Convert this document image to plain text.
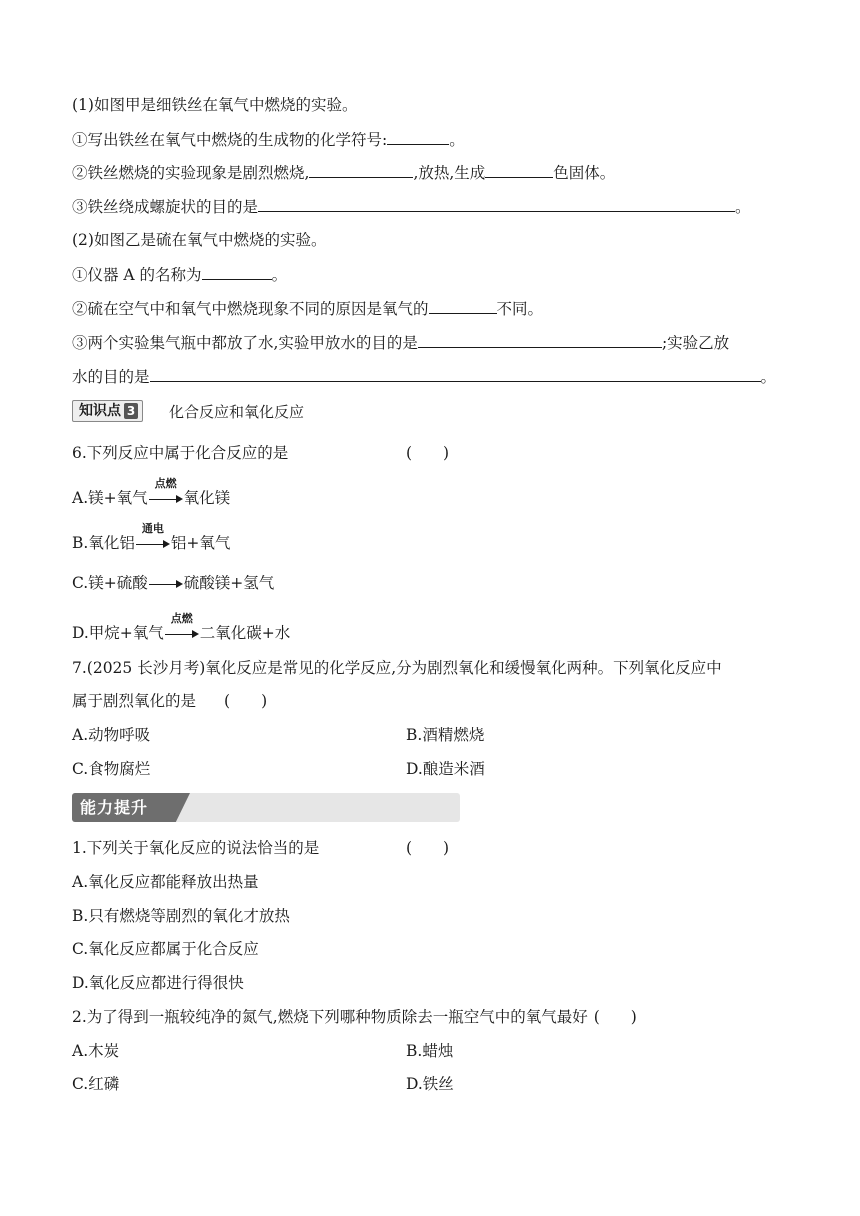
(1)如图甲是细铁丝在氧气中燃烧的实验。
①写出铁丝在氧气中燃烧的生成物的化学符号:	。
②铁丝燃烧的实验现象是剧烈燃烧,	,放热,生成	色固体。
③铁丝绕成螺旋状的目的是	。
(2)如图乙是硫在氧气中燃烧的实验。
①仪器 A 的名称为	。
②硫在空气中和氧气中燃烧现象不同的原因是氧气的	不同。
③两个实验集气瓶中都放了水,实验甲放水的目的是	;实验乙放
水的目的是	。
知识点 3 化合反应和氧化反应
6.下列反应中属于化合反应的是	(　　)
A.镁+氧气
点燃
氧化镁
B.氧化铝
通电
铝+氧气
C.镁+硫酸 硫酸镁+氢气
D.甲烷+氧气
点燃
二氧化碳+水
7.(2025 长沙月考)氧化反应是常见的化学反应,分为剧烈氧化和缓慢氧化两种。下列氧化反应中
属于剧烈氧化的是 (　　)
A.动物呼吸	B.酒精燃烧
C.食物腐烂	D.酿造米酒
能力提升
1.下列关于氧化反应的说法恰当的是	(　　)
A.氧化反应都能释放出热量
B.只有燃烧等剧烈的氧化才放热
C.氧化反应都属于化合反应
D.氧化反应都进行得很快
2.为了得到一瓶较纯净的氮气,燃烧下列哪种物质除去一瓶空气中的氧气最好 (　　)
A.木炭	B.蜡烛
C.红磷	D.铁丝
